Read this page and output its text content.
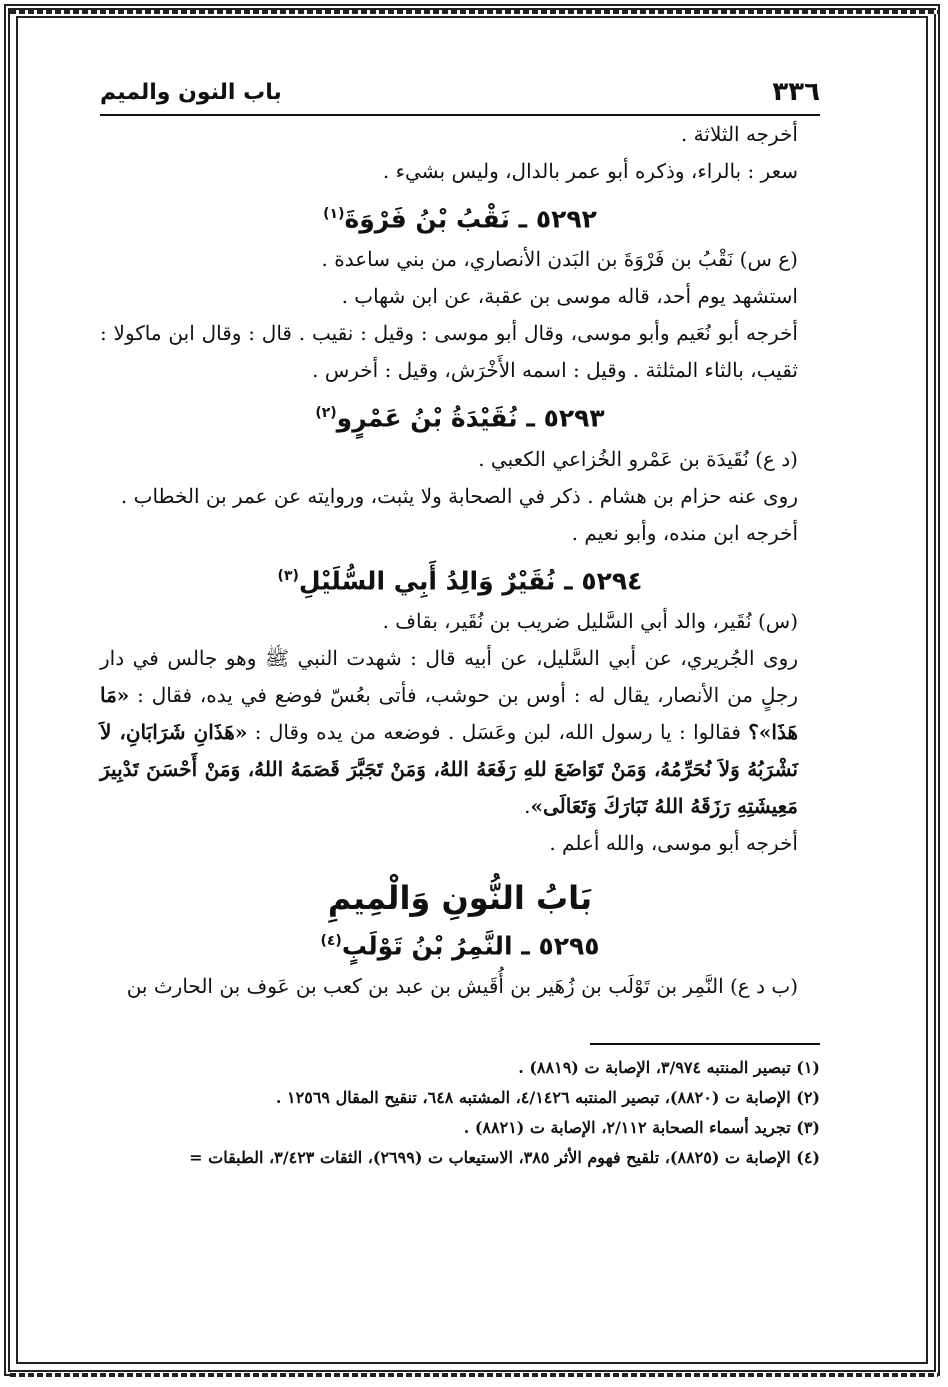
٣٣٦
باب النون والميم

أخرجه الثلاثة .

سعر : بالراء، وذكره أبو عمر بالدال، وليس بشيء .

٥٢٩٢ ـ نَقْبُ بْنُ فَرْوَةَ$^{(١)}$

(ع س) نَقْبُ بن فَرْوَةَ بن البَدن الأنصاري، من بني ساعدة .

استشهد يوم أحد، قاله موسى بن عقبة، عن ابن شهاب .

أخرجه أبو نُعَيم وأبو موسى، وقال أبو موسى : وقيل : نقيب . قال : وقال ابن ماكولا : ثقيب، بالثاء المثلثة . وقيل : اسمه الأَخْرَش، وقيل : أخرس .

٥٢٩٣ ـ نُقَيْدَةُ بْنُ عَمْرٍو$^{(٢)}$

(د ع) نُقَيدَة بن عَمْرو الخُزاعي الكعبي .

روى عنه حزام بن هشام . ذكر في الصحابة ولا يثبت، وروايته عن عمر بن الخطاب .

أخرجه ابن منده، وأبو نعيم .

٥٢٩٤ ـ نُقَيْرٌ وَالِدُ أَبِي السُّلَيْلِ$^{(٣)}$

(س) نُقَير، والد أبي السَّليل ضريب بن نُقَير، بقاف .

روى الجُريري، عن أبي السَّليل، عن أبيه قال : شهدت النبي ﷺ وهو جالس في دار رجلٍ من الأنصار، يقال له : أوس بن حوشب، فأتى بعُسّ فوضع في يده، فقال : «مَا هَذَا»؟ فقالوا : يا رسول الله، لبن وعَسَل . فوضعه من يده وقال : «هَذَانِ شَرَابَانِ، لاَ نَشْرَبُهُ وَلاَ نُحَرِّمُهُ، وَمَنْ تَوَاضَعَ للهِ رَفَعَهُ اللهُ، وَمَنْ تَجَبَّرَ قَصَمَهُ اللهُ، وَمَنْ أَحْسَنَ تَدْبِيرَ مَعِيشَتِهِ رَزَقَهُ اللهُ تَبَارَكَ وَتَعَالَى».

أخرجه أبو موسى، والله أعلم .

بَابُ النُّونِ وَالْمِيمِ
٥٢٩٥ ـ النَّمِرُ بْنُ تَوْلَبٍ$^{(٤)}$

(ب د ع) النَّمِر بن تَوْلَب بن زُهَير بن أُقَيش بن عبد بن كعب بن عَوف بن الحارث بن

(١) تبصير المنتبه ٣/٩٧٤، الإصابة ت (٨٨١٩) .

(٢) الإصابة ت (٨٨٢٠)، تبصير المنتبه ٤/١٤٢٦، المشتبه ٦٤٨، تنقيح المقال ١٢٥٦٩ .

(٣) تجريد أسماء الصحابة ٢/١١٢، الإصابة ت (٨٨٢١) .

(٤) الإصابة ت (٨٨٢٥)، تلقيح فهوم الأثر ٣٨٥، الاستيعاب ت (٢٦٩٩)، الثقات ٣/٤٢٣، الطبقات =
